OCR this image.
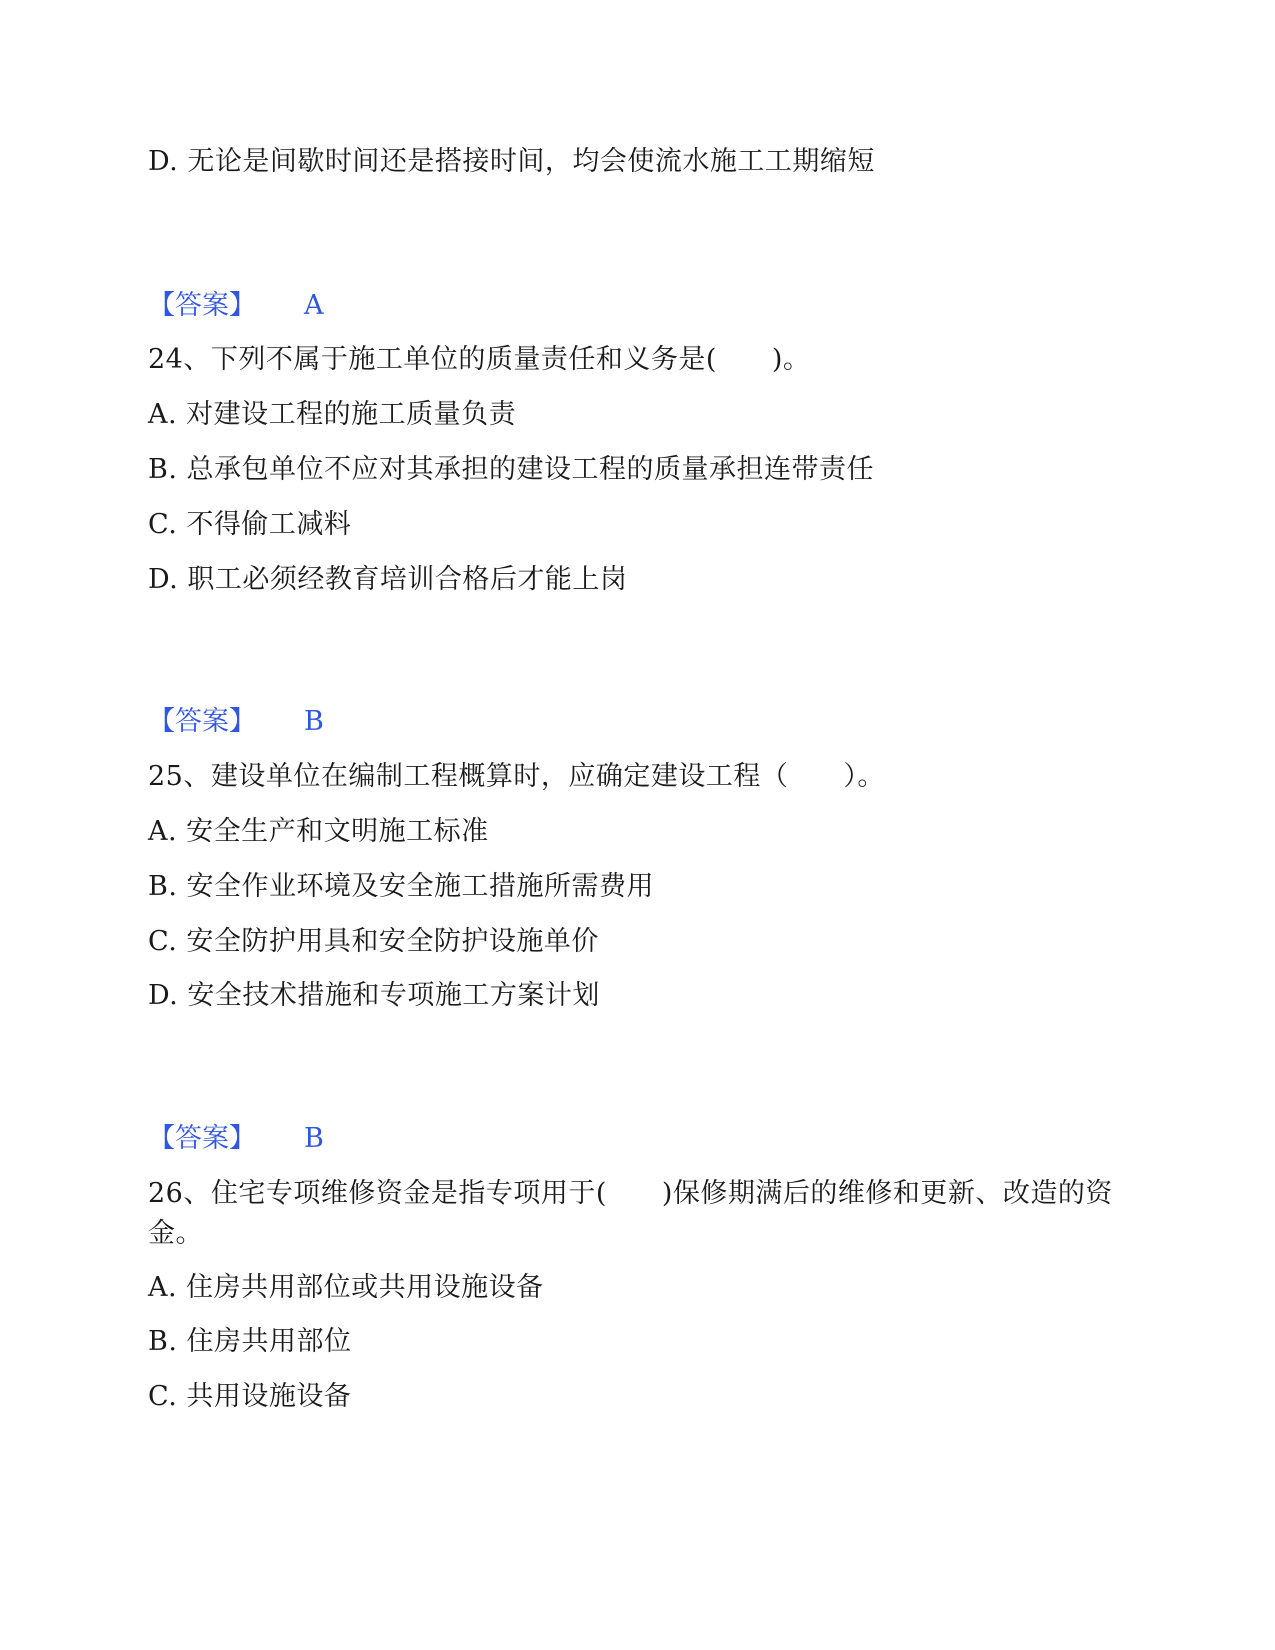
D. 无论是间歇时间还是搭接时间，均会使流水施工工期缩短
【答案】 A
24、下列不属于施工单位的质量责任和义务是(　　)。
A. 对建设工程的施工质量负责
B. 总承包单位不应对其承担的建设工程的质量承担连带责任
C. 不得偷工减料
D. 职工必须经教育培训合格后才能上岗
【答案】 B
25、建设单位在编制工程概算时，应确定建设工程（　　）。
A. 安全生产和文明施工标准
B. 安全作业环境及安全施工措施所需费用
C. 安全防护用具和安全防护设施单价
D. 安全技术措施和专项施工方案计划
【答案】 B
26、住宅专项维修资金是指专项用于(　　)保修期满后的维修和更新、改造的资金。
A. 住房共用部位或共用设施设备
B. 住房共用部位
C. 共用设施设备
